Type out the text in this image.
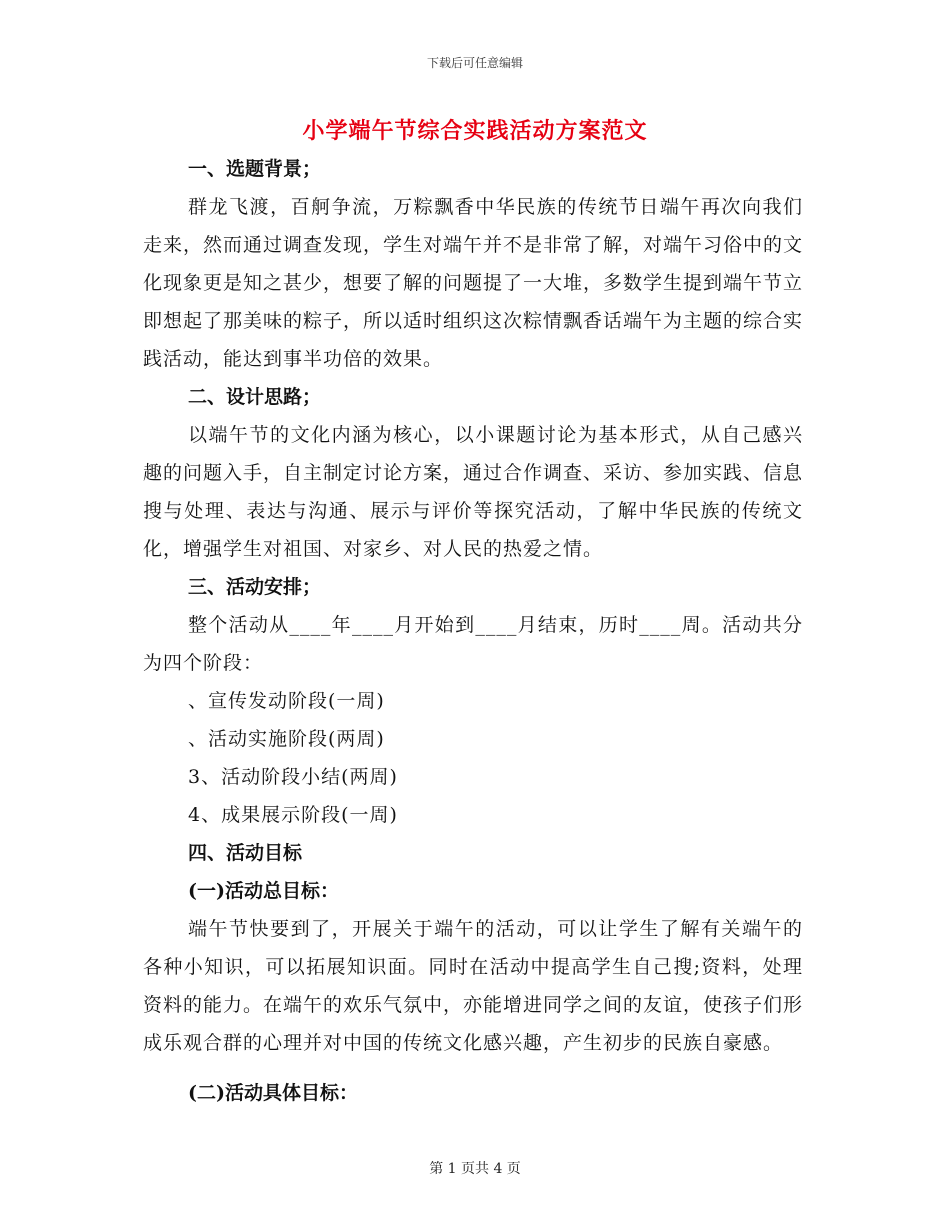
下载后可任意编辑
小学端午节综合实践活动方案范文
一、选题背景；

群龙飞渡，百舸争流，万粽飘香中华民族的传统节日端午再次向我们走来，然而通过调查发现，学生对端午并不是非常了解，对端午习俗中的文化现象更是知之甚少，想要了解的问题提了一大堆，多数学生提到端午节立即想起了那美味的粽子，所以适时组织这次粽情飘香话端午为主题的综合实践活动，能达到事半功倍的效果。

二、设计思路；

以端午节的文化内涵为核心，以小课题讨论为基本形式，从自己感兴趣的问题入手，自主制定讨论方案，通过合作调查、采访、参加实践、信息搜与处理、表达与沟通、展示与评价等探究活动，了解中华民族的传统文化，增强学生对祖国、对家乡、对人民的热爱之情。

三、活动安排；

整个活动从____年____月开始到____月结束，历时____周。活动共分为四个阶段：

、宣传发动阶段(一周)
、活动实施阶段(两周)
3、活动阶段小结(两周)
4、成果展示阶段(一周)
四、活动目标
(一)活动总目标：

端午节快要到了，开展关于端午的活动，可以让学生了解有关端午的各种小知识，可以拓展知识面。同时在活动中提高学生自己搜;资料，处理资料的能力。在端午的欢乐气氛中，亦能增进同学之间的友谊，使孩子们形成乐观合群的心理并对中国的传统文化感兴趣，产生初步的民族自豪感。

(二)活动具体目标：
第 1 页共 4 页
